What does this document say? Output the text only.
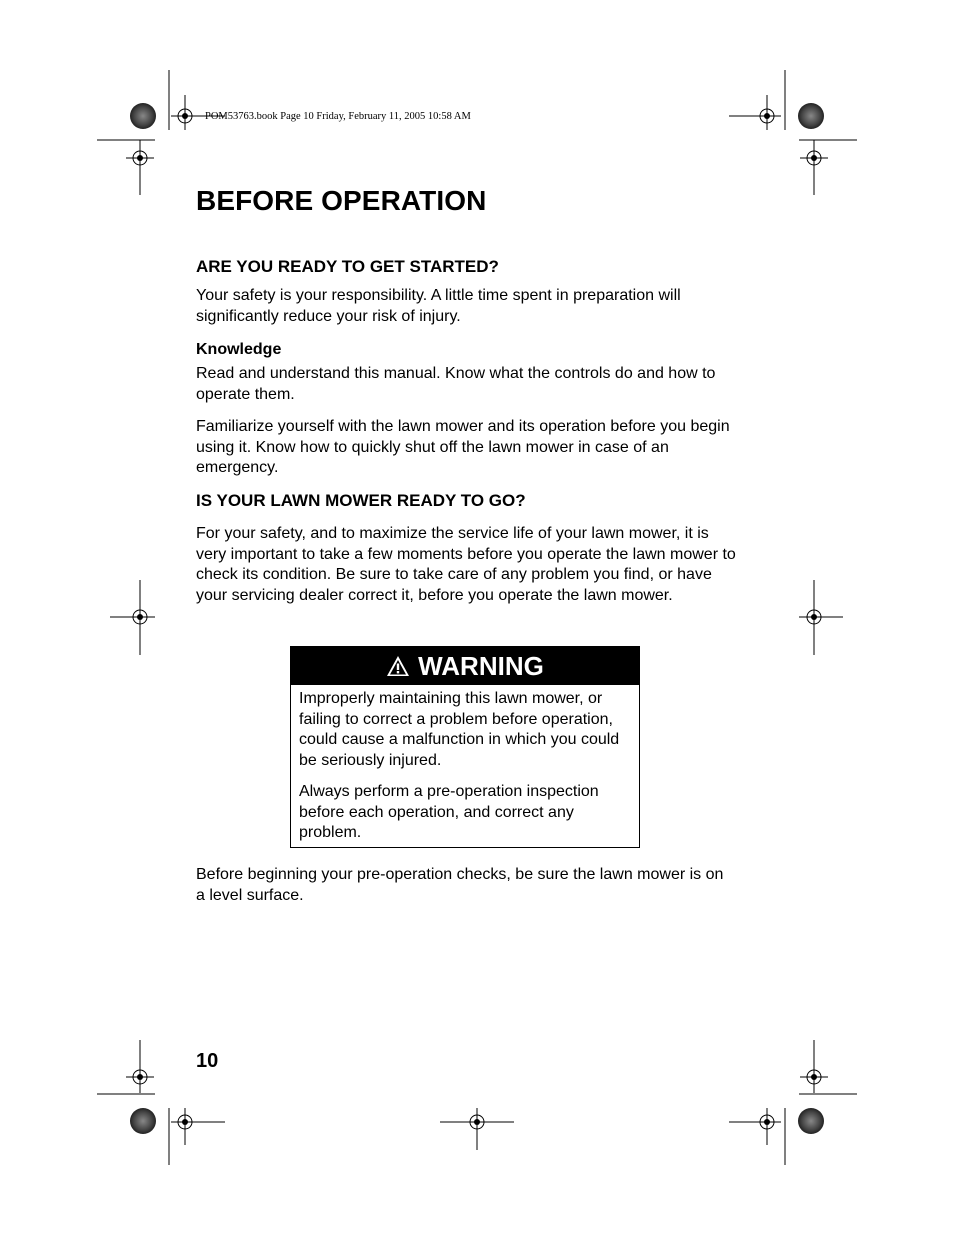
POM53763.book Page 10 Friday, February 11, 2005 10:58 AM
BEFORE OPERATION
ARE YOU READY TO GET STARTED?

Your safety is your responsibility. A little time spent in preparation will significantly reduce your risk of injury.

Knowledge

Read and understand this manual. Know what the controls do and how to operate them.

Familiarize yourself with the lawn mower and its operation before you begin using it. Know how to quickly shut off the lawn mower in case of an emergency.

IS YOUR LAWN MOWER READY TO GO?

For your safety, and to maximize the service life of your lawn mower, it is very important to take a few moments before you operate the lawn mower to check its condition. Be sure to take care of any problem you find, or have your servicing dealer correct it, before you operate the lawn mower.

WARNING

Improperly maintaining this lawn mower, or failing to correct a problem before operation, could cause a malfunction in which you could be seriously injured.

Always perform a pre-operation inspection before each operation, and correct any problem.

Before beginning your pre-operation checks, be sure the lawn mower is on a level surface.

10
